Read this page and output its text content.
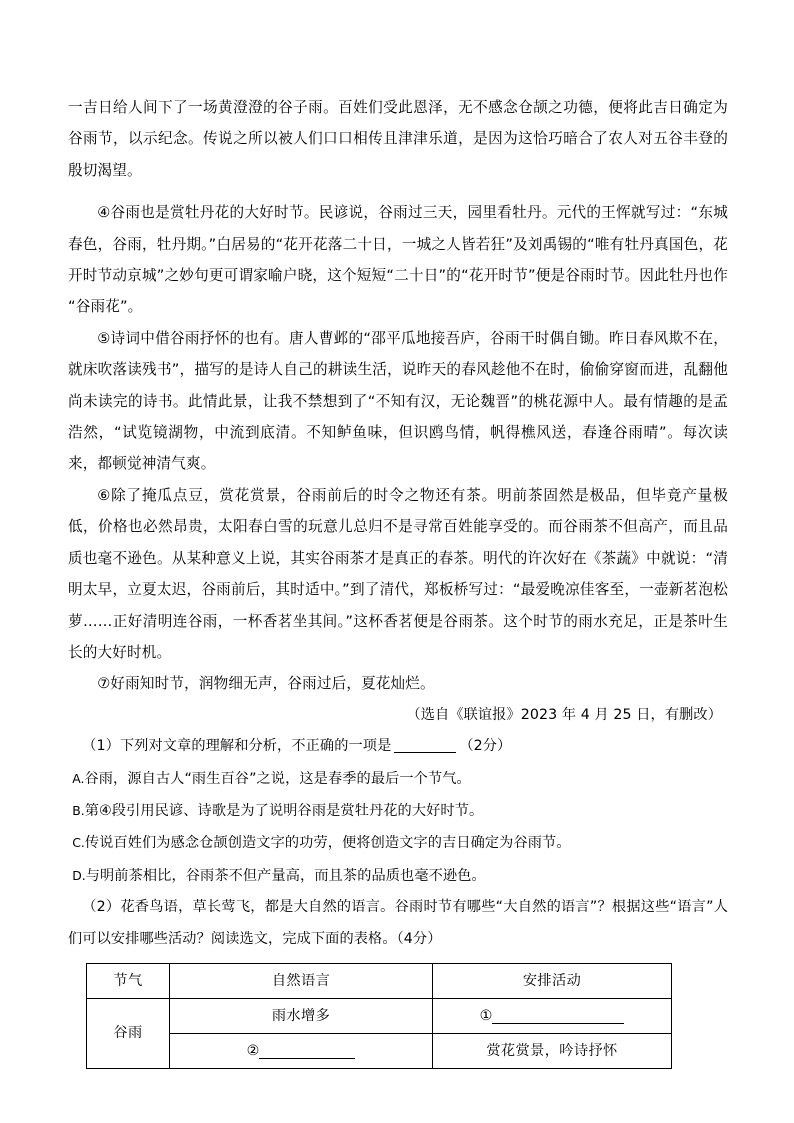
一吉日给人间下了一场黄澄澄的谷子雨。百姓们受此恩泽，无不感念仓颉之功德，便将此吉日确定为谷雨节，以示纪念。传说之所以被人们口口相传且津津乐道，是因为这恰巧暗合了农人对五谷丰登的殷切渴望。

④谷雨也是赏牡丹花的大好时节。民谚说，谷雨过三天，园里看牡丹。元代的王恽就写过：“东城春色，谷雨，牡丹期。”白居易的“花开花落二十日，一城之人皆若狂”及刘禹锡的“唯有牡丹真国色，花开时节动京城”之妙句更可谓家喻户晓，这个短短“二十日”的“花开时节”便是谷雨时节。因此牡丹也作“谷雨花”。

⑤诗词中借谷雨抒怀的也有。唐人曹邺的“邵平瓜地接吾庐，谷雨干时偶自锄。昨日春风欺不在，就床吹落读残书”，描写的是诗人自己的耕读生活，说昨天的春风趁他不在时，偷偷穿窗而进，乱翻他尚未读完的诗书。此情此景，让我不禁想到了“不知有汉，无论魏晋”的桃花源中人。最有情趣的是孟浩然，“试览镜湖物，中流到底清。不知鲈鱼味，但识鸥鸟情，帆得樵风送，春逢谷雨晴”。每次读来，都顿觉神清气爽。

⑥除了掩瓜点豆，赏花赏景，谷雨前后的时令之物还有茶。明前茶固然是极品，但毕竟产量极低，价格也必然昂贵，太阳春白雪的玩意儿总归不是寻常百姓能享受的。而谷雨茶不但高产，而且品质也毫不逊色。从某种意义上说，其实谷雨茶才是真正的春茶。明代的许次好在《茶蔬》中就说：“清明太早，立夏太迟，谷雨前后，其时适中。”到了清代，郑板桥写过：“最爱晚凉佳客至，一壶新茗泡松萝……正好清明连谷雨，一杯香茗坐其间。”这杯香茗便是谷雨茶。这个时节的雨水充足，正是茶叶生长的大好时机。

⑦好雨知时节，润物细无声，谷雨过后，夏花灿烂。

（选自《联谊报》2023 年 4 月 25 日，有删改）

（1）下列对文章的理解和分析，不正确的一项是	（2分）

A.谷雨，源自古人“雨生百谷”之说，这是春季的最后一个节气。

B.第④段引用民谚、诗歌是为了说明谷雨是赏牡丹花的大好时节。

C.传说百姓们为感念仓颉创造文字的功劳，便将创造文字的吉日确定为谷雨节。

D.与明前茶相比，谷雨茶不但产量高，而且茶的品质也毫不逊色。

（2）花香鸟语，草长莺飞，都是大自然的语言。谷雨时节有哪些“大自然的语言”？根据这些“语言”人们可以安排哪些活动？阅读选文，完成下面的表格。（4分）

节气	自然语言	安排活动
谷雨	雨水增多	①
	②	赏花赏景，吟诗抒怀
